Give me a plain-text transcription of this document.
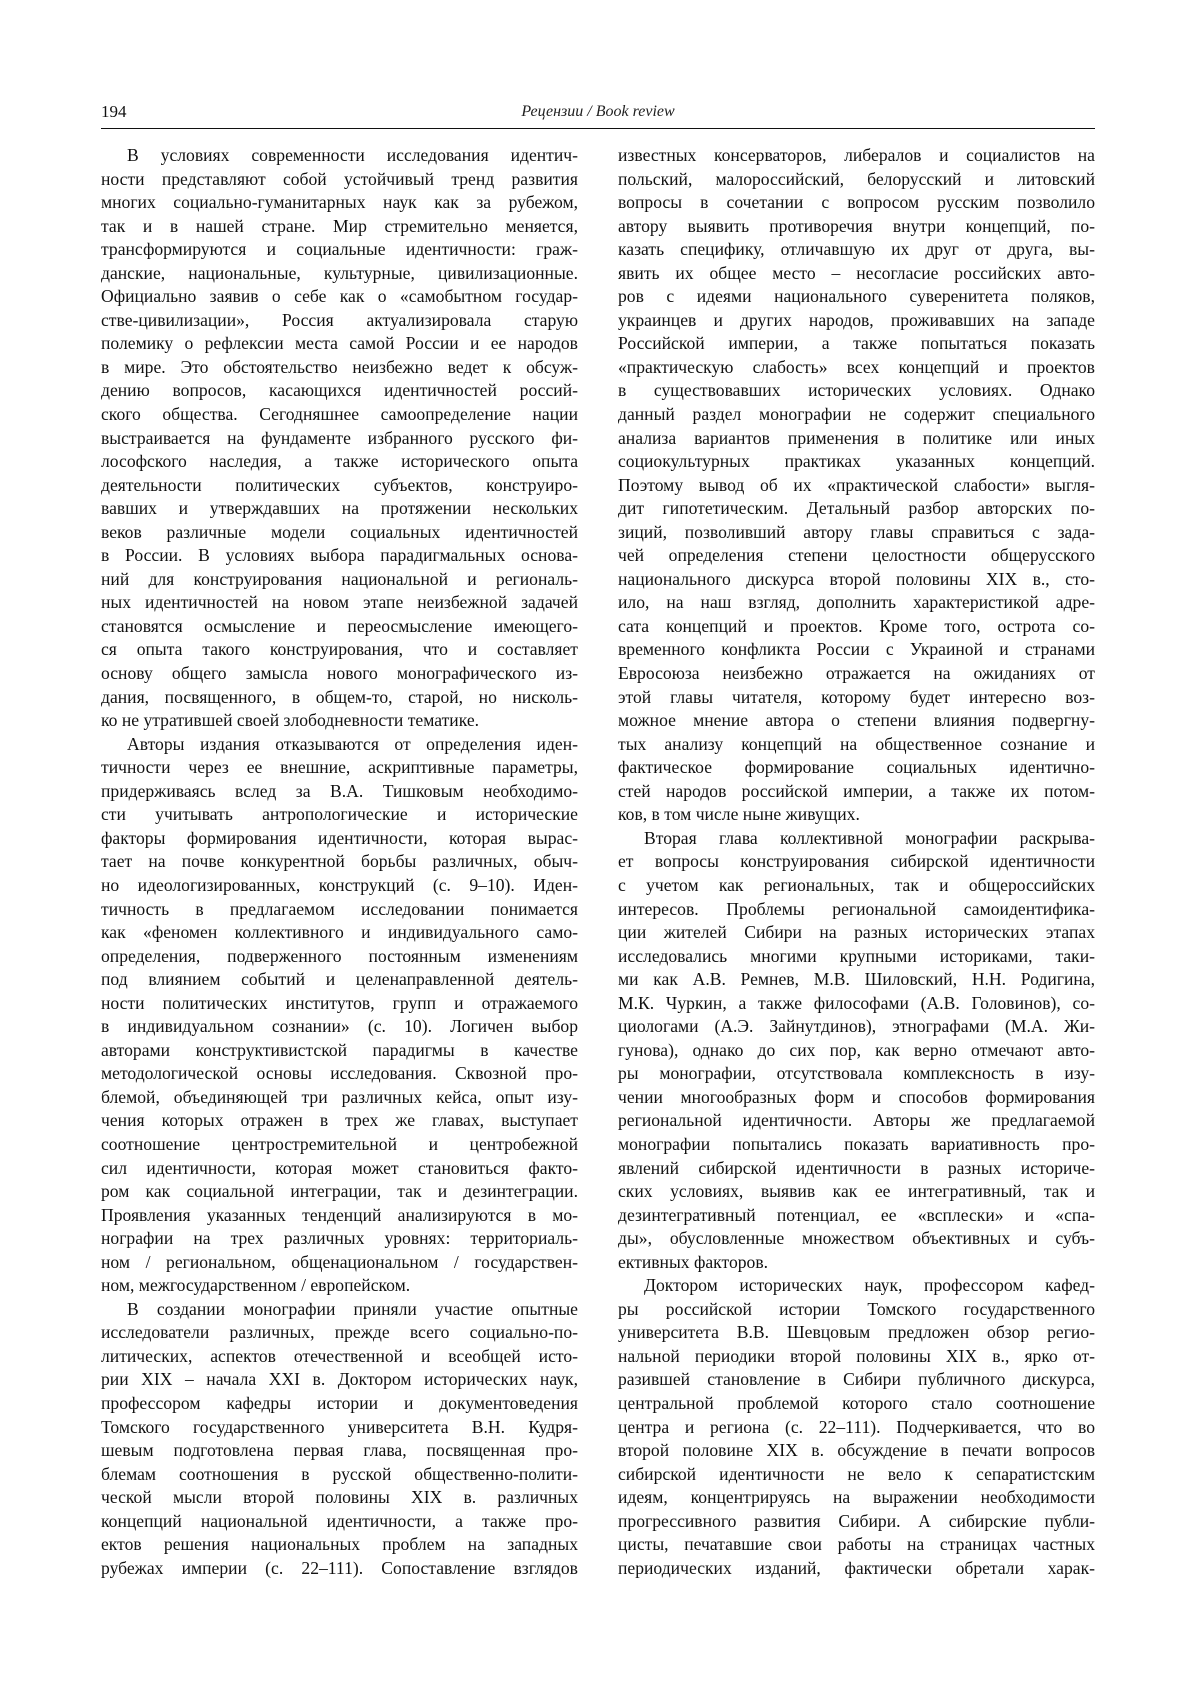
194	Рецензии / Book review
В условиях современности исследования идентич-
ности представляют собой устойчивый тренд развития
многих социально-гуманитарных наук как за рубежом,
так и в нашей стране. Мир стремительно меняется,
трансформируются и социальные идентичности: граж-
данские, национальные, культурные, цивилизационные.
Официально заявив о себе как о «самобытном государ-
стве-цивилизации», Россия актуализировала старую
полемику о рефлексии места самой России и ее народов
в мире. Это обстоятельство неизбежно ведет к обсуж-
дению вопросов, касающихся идентичностей россий-
ского общества. Сегодняшнее самоопределение нации
выстраивается на фундаменте избранного русского фи-
лософского наследия, а также исторического опыта
деятельности политических субъектов, конструиро-
вавших и утверждавших на протяжении нескольких
веков различные модели социальных идентичностей
в России. В условиях выбора парадигмальных основа-
ний для конструирования национальной и региональ-
ных идентичностей на новом этапе неизбежной задачей
становятся осмысление и переосмысление имеющего-
ся опыта такого конструирования, что и составляет
основу общего замысла нового монографического из-
дания, посвященного, в общем-то, старой, но нисколь-
ко не утратившей своей злободневности тематике.
Авторы издания отказываются от определения иден-
тичности через ее внешние, аскриптивные параметры,
придерживаясь вслед за В.А. Тишковым необходимо-
сти учитывать антропологические и исторические
факторы формирования идентичности, которая вырас-
тает на почве конкурентной борьбы различных, обыч-
но идеологизированных, конструкций (с. 9–10). Иден-
тичность в предлагаемом исследовании понимается
как «феномен коллективного и индивидуального само-
определения, подверженного постоянным изменениям
под влиянием событий и целенаправленной деятель-
ности политических институтов, групп и отражаемого
в индивидуальном сознании» (с. 10). Логичен выбор
авторами конструктивистской парадигмы в качестве
методологической основы исследования. Сквозной про-
блемой, объединяющей три различных кейса, опыт изу-
чения которых отражен в трех же главах, выступает
соотношение центростремительной и центробежной
сил идентичности, которая может становиться факто-
ром как социальной интеграции, так и дезинтеграции.
Проявления указанных тенденций анализируются в мо-
нографии на трех различных уровнях: территориаль-
ном / региональном, общенациональном / государствен-
ном, межгосударственном / европейском.
В создании монографии приняли участие опытные
исследователи различных, прежде всего социально-по-
литических, аспектов отечественной и всеобщей исто-
рии XIX – начала XXI в. Доктором исторических наук,
профессором кафедры истории и документоведения
Томского государственного университета В.Н. Кудря-
шевым подготовлена первая глава, посвященная про-
блемам соотношения в русской общественно-полити-
ческой мысли второй половины XIX в. различных
концепций национальной идентичности, а также про-
ектов решения национальных проблем на западных
рубежах империи (с. 22–111). Сопоставление взглядов
известных консерваторов, либералов и социалистов на
польский, малороссийский, белорусский и литовский
вопросы в сочетании с вопросом русским позволило
автору выявить противоречия внутри концепций, по-
казать специфику, отличавшую их друг от друга, вы-
явить их общее место – несогласие российских авто-
ров с идеями национального суверенитета поляков,
украинцев и других народов, проживавших на западе
Российской империи, а также попытаться показать
«практическую слабость» всех концепций и проектов
в существовавших исторических условиях. Однако
данный раздел монографии не содержит специального
анализа вариантов применения в политике или иных
социокультурных практиках указанных концепций.
Поэтому вывод об их «практической слабости» выгля-
дит гипотетическим. Детальный разбор авторских по-
зиций, позволивший автору главы справиться с зада-
чей определения степени целостности общерусского
национального дискурса второй половины XIX в., сто-
ило, на наш взгляд, дополнить характеристикой адре-
сата концепций и проектов. Кроме того, острота со-
временного конфликта России с Украиной и странами
Евросоюза неизбежно отражается на ожиданиях от
этой главы читателя, которому будет интересно воз-
можное мнение автора о степени влияния подвергну-
тых анализу концепций на общественное сознание и
фактическое формирование социальных идентично-
стей народов российской империи, а также их потом-
ков, в том числе ныне живущих.
Вторая глава коллективной монографии раскрыва-
ет вопросы конструирования сибирской идентичности
с учетом как региональных, так и общероссийских
интересов. Проблемы региональной самоидентифика-
ции жителей Сибири на разных исторических этапах
исследовались многими крупными историками, таки-
ми как А.В. Ремнев, М.В. Шиловский, Н.Н. Родигина,
М.К. Чуркин, а также философами (А.В. Головинов), со-
циологами (А.Э. Зайнутдинов), этнографами (М.А. Жи-
гунова), однако до сих пор, как верно отмечают авто-
ры монографии, отсутствовала комплексность в изу-
чении многообразных форм и способов формирования
региональной идентичности. Авторы же предлагаемой
монографии попытались показать вариативность про-
явлений сибирской идентичности в разных историче-
ских условиях, выявив как ее интегративный, так и
дезинтегративный потенциал, ее «всплески» и «спа-
ды», обусловленные множеством объективных и субъ-
ективных факторов.
Доктором исторических наук, профессором кафед-
ры российской истории Томского государственного
университета В.В. Шевцовым предложен обзор регио-
нальной периодики второй половины XIX в., ярко от-
разившей становление в Сибири публичного дискурса,
центральной проблемой которого стало соотношение
центра и региона (с. 22–111). Подчеркивается, что во
второй половине XIX в. обсуждение в печати вопросов
сибирской идентичности не вело к сепаратистским
идеям, концентрируясь на выражении необходимости
прогрессивного развития Сибири. А сибирские публи-
цисты, печатавшие свои работы на страницах частных
периодических изданий, фактически обретали харак-
